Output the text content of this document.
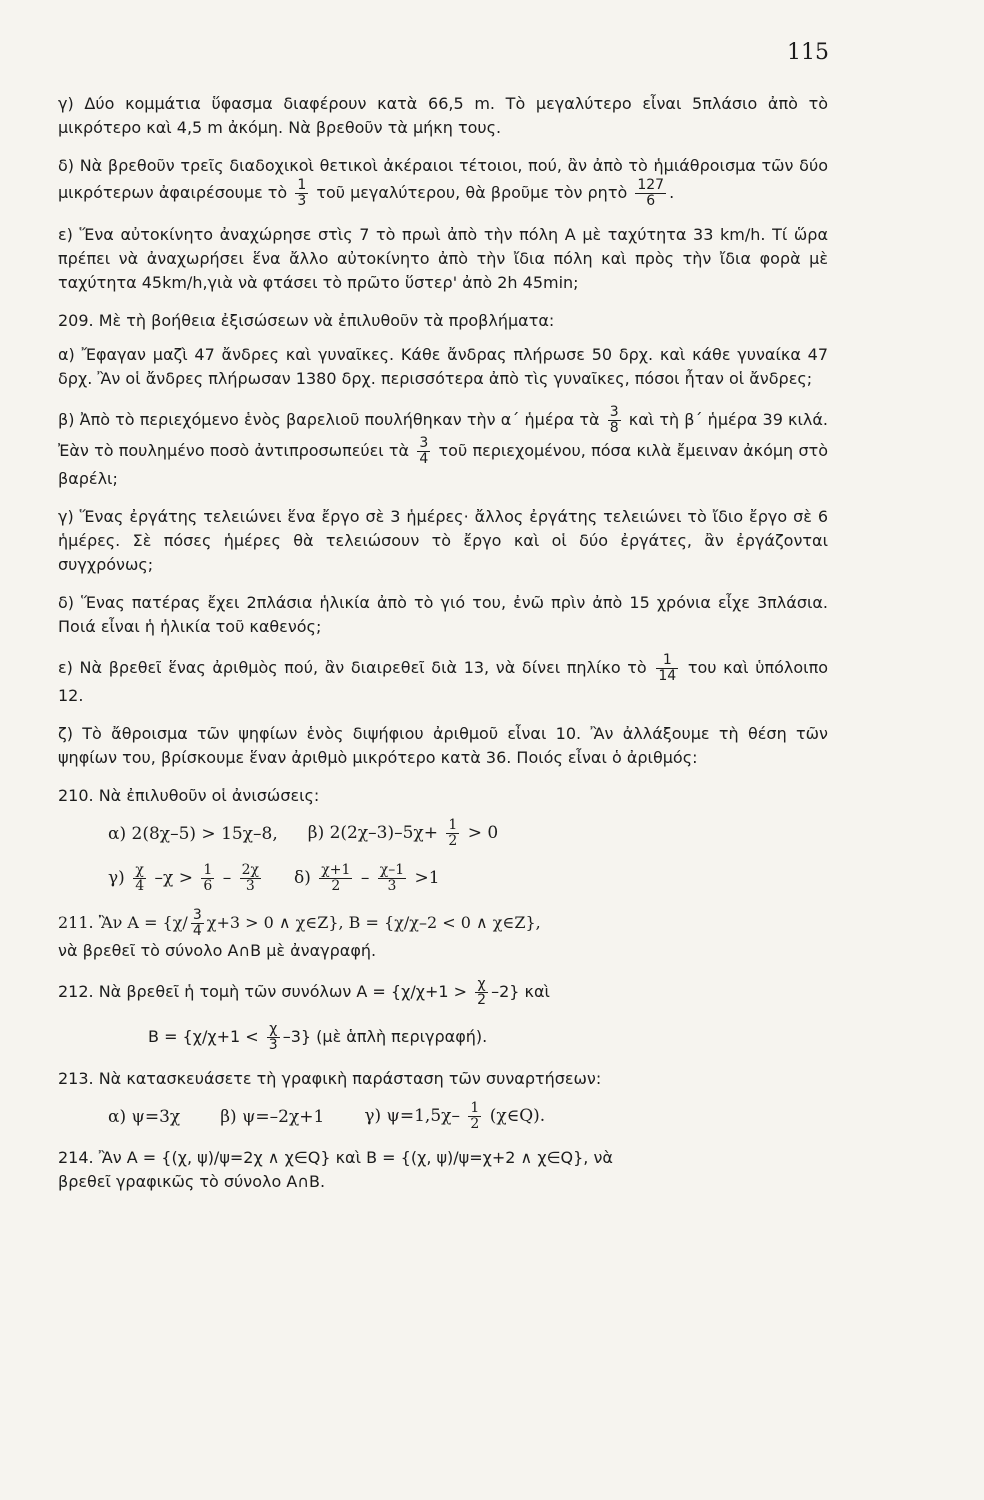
115

γ) Δύο κομμάτια ὕφασμα διαφέρουν κατὰ 66,5 m. Τὸ μεγαλύτερο εἶναι 5πλάσιο ἀπὸ τὸ μικρότερο καὶ 4,5 m ἀκόμη. Νὰ βρεθοῦν τὰ μήκη τους.

δ) Νὰ βρεθοῦν τρεῖς διαδοχικοὶ θετικοὶ ἀκέραιοι τέτοιοι, πού, ἂν ἀπὸ τὸ ἡμιάθροισμα τῶν δύο μικρότερων ἀφαιρέσουμε τὸ $\frac{1}{3}$ τοῦ μεγαλύτερου, θὰ βροῦμε τὸν ρητὸ $\frac{127}{6}$ .

ε) Ἕνα αὐτοκίνητο ἀναχώρησε στὶς 7 τὸ πρωὶ ἀπὸ τὴν πόλη Α μὲ ταχύτητα 33 km/h. Τί ὥρα πρέπει νὰ ἀναχωρήσει ἕνα ἄλλο αὐτοκίνητο ἀπὸ τὴν ἴδια πόλη καὶ πρὸς τὴν ἴδια φορὰ μὲ ταχύτητα 45km/h,γιὰ νὰ φτάσει τὸ πρῶτο ὕστερ' ἀπὸ 2h 45min;

209. Μὲ τὴ βοήθεια ἐξισώσεων νὰ ἐπιλυθοῦν τὰ προβλήματα:

α) Ἔφαγαν μαζὶ 47 ἄνδρες καὶ γυναῖκες. Κάθε ἄνδρας πλήρωσε 50 δρχ. καὶ κάθε γυναίκα 47 δρχ. Ἂν οἱ ἄνδρες πλήρωσαν 1380 δρχ. περισσότερα ἀπὸ τὶς γυναῖκες, πόσοι ἦταν οἱ ἄνδρες;

β) Ἀπὸ τὸ περιεχόμενο ἑνὸς βαρελιοῦ πουλήθηκαν τὴν α΄ ἡμέρα τὰ $\frac{3}{8}$ καὶ τὴ β΄ ἡμέρα 39 κιλά. Ἐὰν τὸ πουλημένο ποσὸ ἀντιπροσωπεύει τὰ $\frac{3}{4}$ τοῦ περιεχομένου, πόσα κιλὰ ἔμειναν ἀκόμη στὸ βαρέλι;

γ) Ἕνας ἐργάτης τελειώνει ἕνα ἔργο σὲ 3 ἡμέρες· ἄλλος ἐργάτης τελειώνει τὸ ἴδιο ἔργο σὲ 6 ἡμέρες. Σὲ πόσες ἡμέρες θὰ τελειώσουν τὸ ἔργο καὶ οἱ δύο ἐργάτες, ἂν ἐργάζονται συγχρόνως;

δ) Ἕνας πατέρας ἔχει 2πλάσια ἡλικία ἀπὸ τὸ γιό του, ἐνῶ πρὶν ἀπὸ 15 χρόνια εἶχε 3πλάσια. Ποιά εἶναι ἡ ἡλικία τοῦ καθενός;

ε) Νὰ βρεθεῖ ἕνας ἀριθμὸς πού, ἂν διαιρεθεῖ διὰ 13, νὰ δίνει πηλίκο τὸ $\frac{1}{14}$ του καὶ ὑπόλοιπο 12.

ζ) Τὸ ἄθροισμα τῶν ψηφίων ἑνὸς διψήφιου ἀριθμοῦ εἶναι 10. Ἂν ἀλλάξουμε τὴ θέση τῶν ψηφίων του, βρίσκουμε ἕναν ἀριθμὸ μικρότερο κατὰ 36. Ποιός εἶναι ὁ ἀριθμός:

210. Νὰ ἐπιλυθοῦν οἱ ἀνισώσεις:

α) 2(8χ–5) > 15χ–8, β) $2(2\chi-3)-5\chi+ \frac{1}{2} > 0$
$\gamma) \frac{\chi}{4} -\chi > \frac{1}{6} - \frac{2\chi}{3} \delta) \frac{\chi+1}{2} - \frac{\chi-1}{3} >1$

211. Ἂν $A = \{\chi/ \frac{3}{4} \chi+3 > 0$ ∧ χ∈Z}, Β = {χ/χ–2 < 0 ∧ χ∈Z},
νὰ βρεθεῖ τὸ σύνολο Α∩Β μὲ ἀναγραφή.

212. Νὰ βρεθεῖ ἡ τομὴ τῶν συνόλων $A = \{\chi/\chi+1 > \frac{\chi}{2} -2\}$ καὶ
$B = \{\chi/\chi+1 < \frac{\chi}{3} -3\}$ (μὲ ἁπλὴ περιγραφή).

213. Νὰ κατασκευάσετε τὴ γραφικὴ παράσταση τῶν συναρτήσεων:

α) ψ=3χ β) ψ=–2χ+1 γ) $\psi=1,5\chi- \frac{1}{2}$ (χ∈Q).

214. Ἂν Α = {(χ, ψ)/ψ=2χ ∧ χ∈Q} καὶ Β = {(χ, ψ)/ψ=χ+2 ∧ χ∈Q}, νὰ
βρεθεῖ γραφικῶς τὸ σύνολο Α∩Β.
